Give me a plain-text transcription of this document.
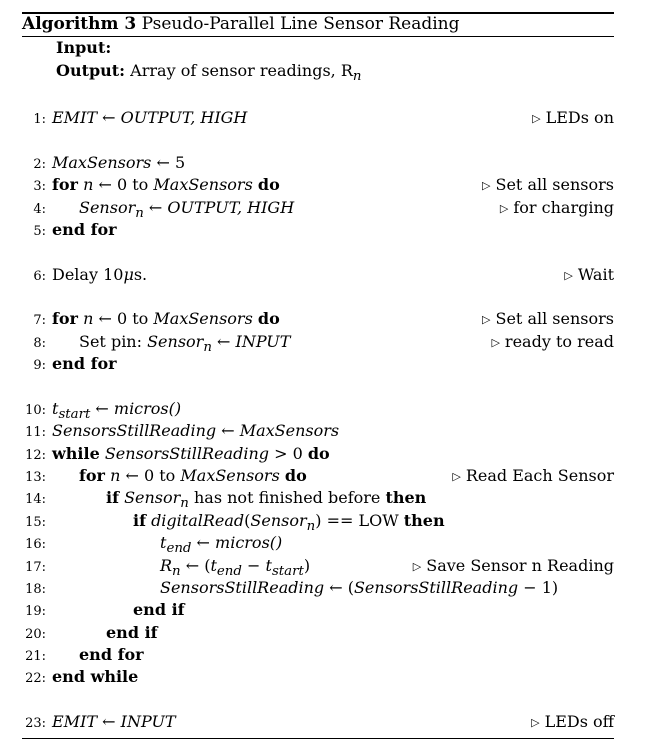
Algorithm 3 Pseudo-Parallel Line Sensor Reading
Input:
Output: Array of sensor readings, $R_n$
1: EMIT ← OUTPUT, HIGH	▷ LEDs on
2: MaxSensors ← 5
3: for n ← 0 to MaxSensors do	▷ Set all sensors
4: Sensor$_n$ ← OUTPUT, HIGH	▷ for charging
5: end for
6: Delay 10μs.	▷ Wait
7: for n ← 0 to MaxSensors do	▷ Set all sensors
8: Set pin: Sensor$_n$ ← INPUT	▷ ready to read
9: end for
10: $t_{start}$ ← micros()
11: SensorsStillReading ← MaxSensors
12: while SensorsStillReading > 0 do
13: for n ← 0 to MaxSensors do	▷ Read Each Sensor
14:	if Sensor$_n$ has not finished before then
15:	if digitalRead(Sensor$_n$) == LOW then
16:	$t_{end}$ ← micros()
17:	$R_n$ ← $(t_{end} - t_{start})$	▷ Save Sensor n Reading
18:	SensorsStillReading ← (SensorsStillReading − 1)
19:	end if
20:	end if
21: end for
22: end while
23: EMIT ← INPUT	▷ LEDs off
